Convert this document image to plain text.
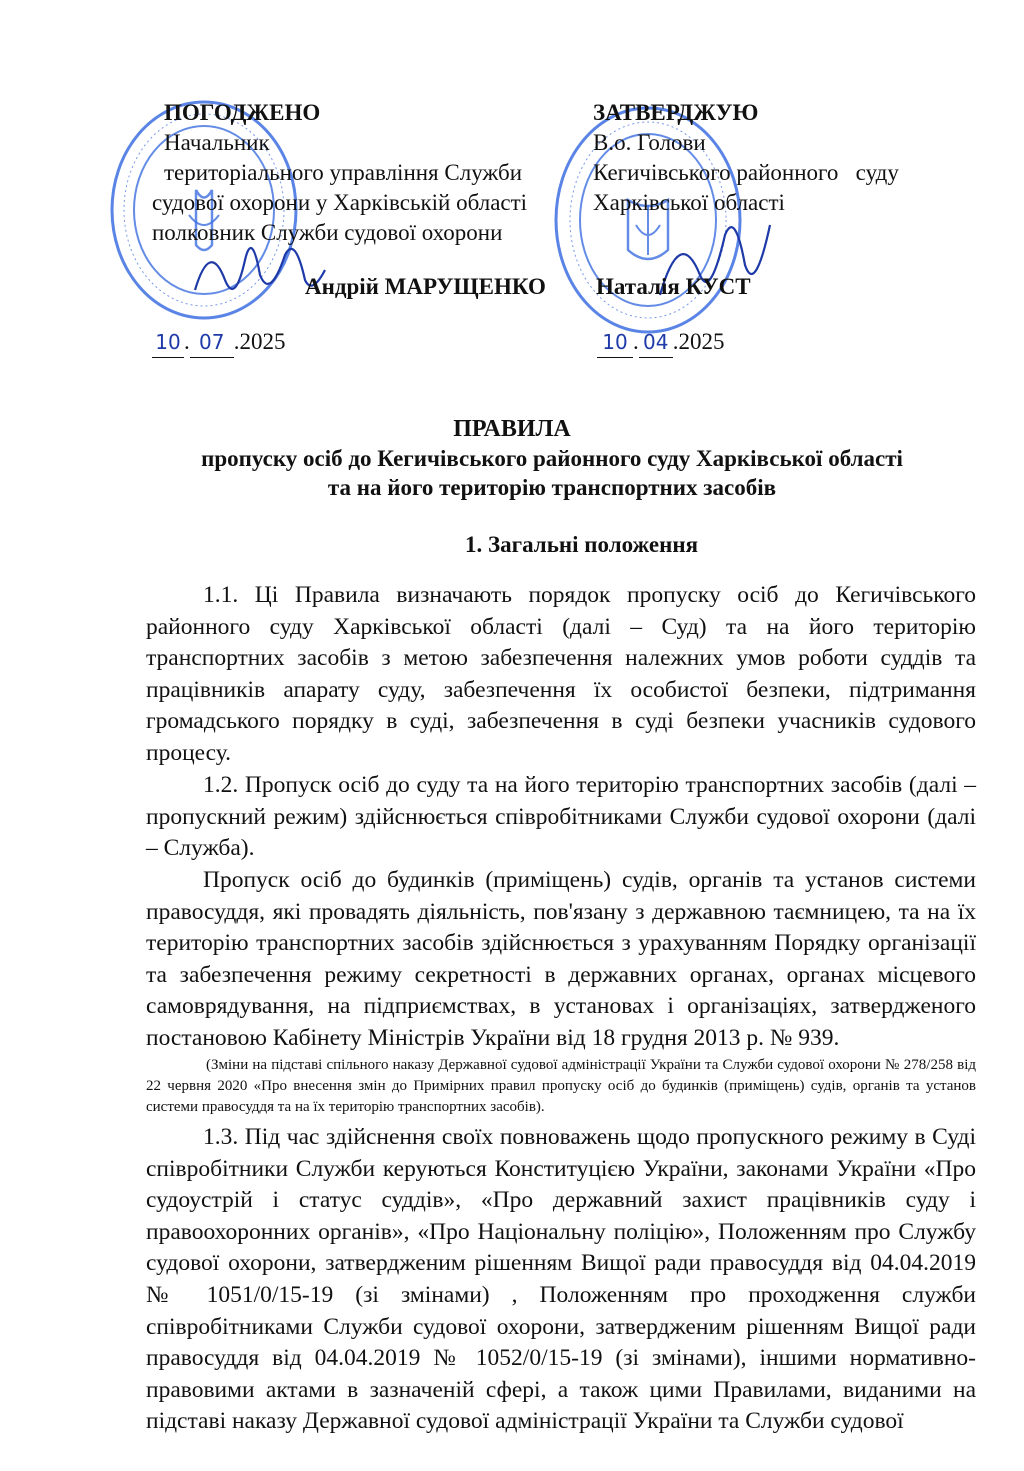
ПОГОДЖЕНО
Начальник
територіального управління Служби
судової охорони у Харківській області
полковник Служби судової охорони
Андрій МАРУЩЕНКО
10 . 07 .2025
ЗАТВЕРДЖУЮ
В.о. Голови
Кегичівського районного   суду
Харківської області
Наталія КУСТ
10 . 04 .2025
ПРАВИЛА
пропуску осіб до Кегичівського районного суду Харківської області
та на його територію транспортних засобів
1. Загальні положення
1.1. Ці Правила визначають порядок пропуску осіб до Кегичівського районного суду Харківської області (далі – Суд) та на його територію транспортних засобів з метою забезпечення належних умов роботи суддів та працівників апарату суду, забезпечення їх особистої безпеки, підтримання громадського порядку в суді, забезпечення в суді безпеки учасників судового процесу.
1.2. Пропуск осіб до суду та на його територію транспортних засобів (далі – пропускний режим) здійснюється співробітниками Служби судової охорони (далі – Служба).
Пропуск осіб до будинків (приміщень) судів, органів та установ системи правосуддя, які провадять діяльність, пов'язану з державною таємницею, та на їх територію транспортних засобів здійснюється з урахуванням Порядку організації та забезпечення режиму секретності в державних органах, органах місцевого самоврядування, на підприємствах, в установах і організаціях, затвердженого постановою Кабінету Міністрів України від 18 грудня 2013 р. № 939.
(Зміни на підставі спільного наказу Державної судової адміністрації України та Служби судової охорони № 278/258 від 22 червня 2020 «Про внесення змін до Примірних правил пропуску осіб до будинків (приміщень) судів, органів та установ системи правосуддя та на їх територію транспортних засобів).
1.3. Під час здійснення своїх повноважень щодо пропускного режиму в Суді співробітники Служби керуються Конституцією України, законами України «Про судоустрій і статус суддів», «Про державний захист працівників суду і правоохоронних органів», «Про Національну поліцію», Положенням про Службу судової охорони, затвердженим рішенням Вищої ради правосуддя від 04.04.2019 № 1051/0/15-19 (зі змінами) , Положенням про проходження служби співробітниками Служби судової охорони, затвердженим рішенням Вищої ради правосуддя від 04.04.2019 № 1052/0/15-19 (зі змінами), іншими нормативно-правовими актами в зазначеній сфері, а також цими Правилами, виданими на підставі наказу Державної судової адміністрації України та Служби судової
